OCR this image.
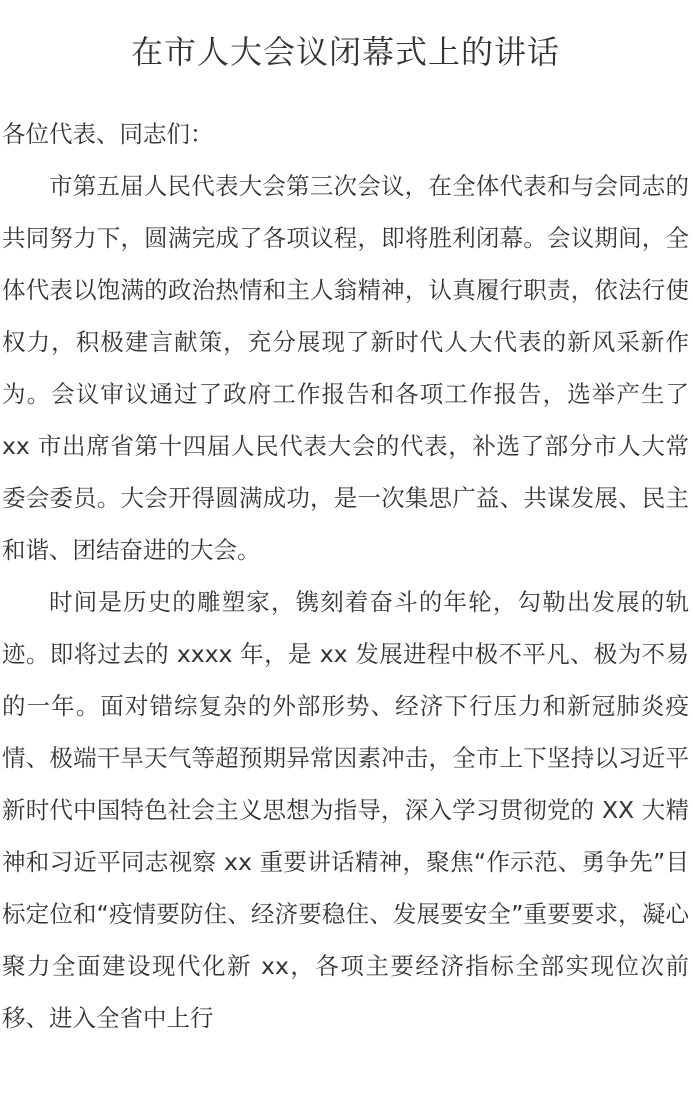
在市人大会议闭幕式上的讲话

各位代表、同志们：

市第五届人民代表大会第三次会议，在全体代表和与会同志的共同努力下，圆满完成了各项议程，即将胜利闭幕。会议期间，全体代表以饱满的政治热情和主人翁精神，认真履行职责，依法行使权力，积极建言献策，充分展现了新时代人大代表的新风采新作为。会议审议通过了政府工作报告和各项工作报告，选举产生了 xx 市出席省第十四届人民代表大会的代表，补选了部分市人大常委会委员。大会开得圆满成功，是一次集思广益、共谋发展、民主和谐、团结奋进的大会。

时间是历史的雕塑家，镌刻着奋斗的年轮，勾勒出发展的轨迹。即将过去的 xxxx 年，是 xx 发展进程中极不平凡、极为不易的一年。面对错综复杂的外部形势、经济下行压力和新冠肺炎疫情、极端干旱天气等超预期异常因素冲击，全市上下坚持以习近平新时代中国特色社会主义思想为指导，深入学习贯彻党的 XX 大精神和习近平同志视察 xx 重要讲话精神，聚焦“作示范、勇争先”目标定位和“疫情要防住、经济要稳住、发展要安全”重要要求，凝心聚力全面建设现代化新 xx，各项主要经济指标全部实现位次前移、进入全省中上行
